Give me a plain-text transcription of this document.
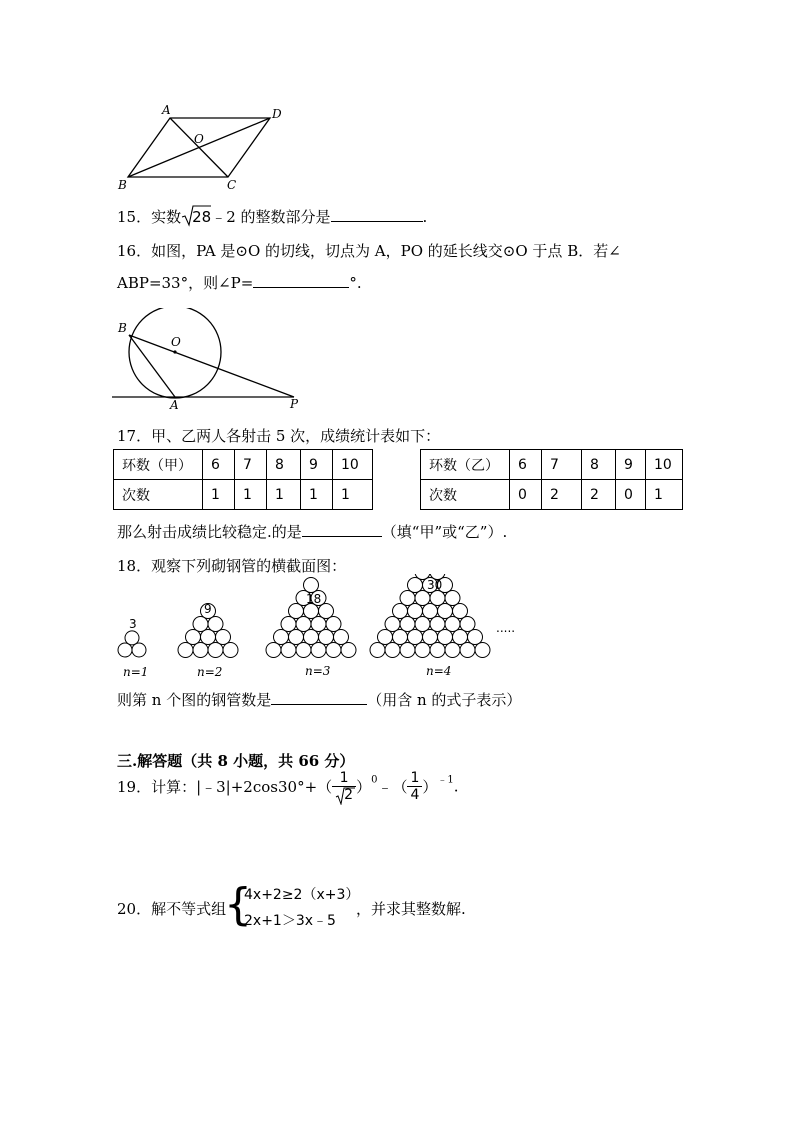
A	D
O
B	C
15．实数 28﹣2 的整数部分是	.
16．如图，PA 是⊙O 的切线，切点为 A，PO 的延长线交⊙O 于点 B．若∠
ABP=33°，则∠P=	°.
B
O
A	P
17．甲、乙两人各射击 5 次，成绩统计表如下：
环数（甲）	6	7	8	9	10
次数	1	1	1	1	1
环数（乙）	6	7	8	9	10
次数	0	2	2	0	1
那么射击成绩比较稳定.的是	（填“甲”或“乙”）.
18．观察下列砌钢管的横截面图：
3
9
18
30
n=1	n=2	n=3	n=4
.....
则第 n 个图的钢管数是	（用含 n 的式子表示）
三.解答题（共 8 小题，共 66 分）
19．计算：|﹣3|+2cos30°+（ $\frac{1}{2}$ ）$^0$﹣（ $\frac{1}{4} )^{﹣1}$.
20．解不等式组
{
4x+2≥2（x+3）
2x+1＞3x﹣5
，并求其整数解.
